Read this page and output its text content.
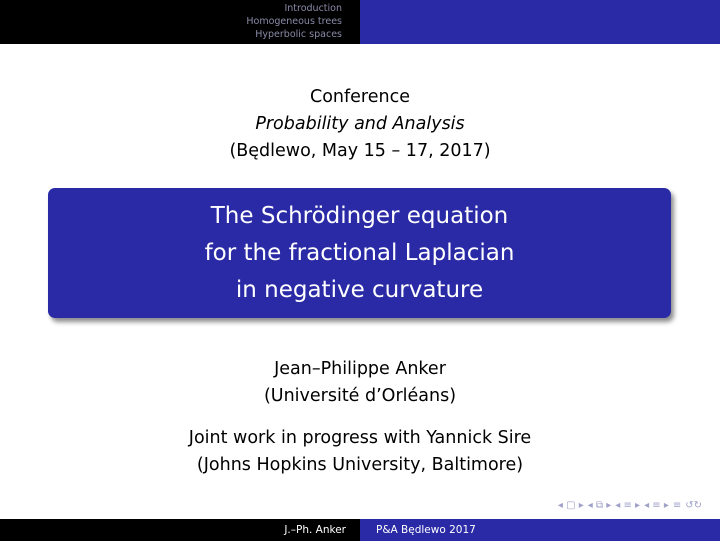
Introduction
Homogeneous trees
Hyperbolic spaces
Conference
Probability and Analysis
(Będlewo, May 15 – 17, 2017)
The Schrödinger equation
for the fractional Laplacian
in negative curvature
Jean–Philippe Anker
(Université d’Orléans)
Joint work in progress with Yannick Sire
(Johns Hopkins University, Baltimore)
◂ ▢ ▸ ◂ ⧉ ▸ ◂ ≡ ▸ ◂ ≡ ▸ ≡ ↺↻
J.–Ph. Anker	P&A Będlewo 2017
